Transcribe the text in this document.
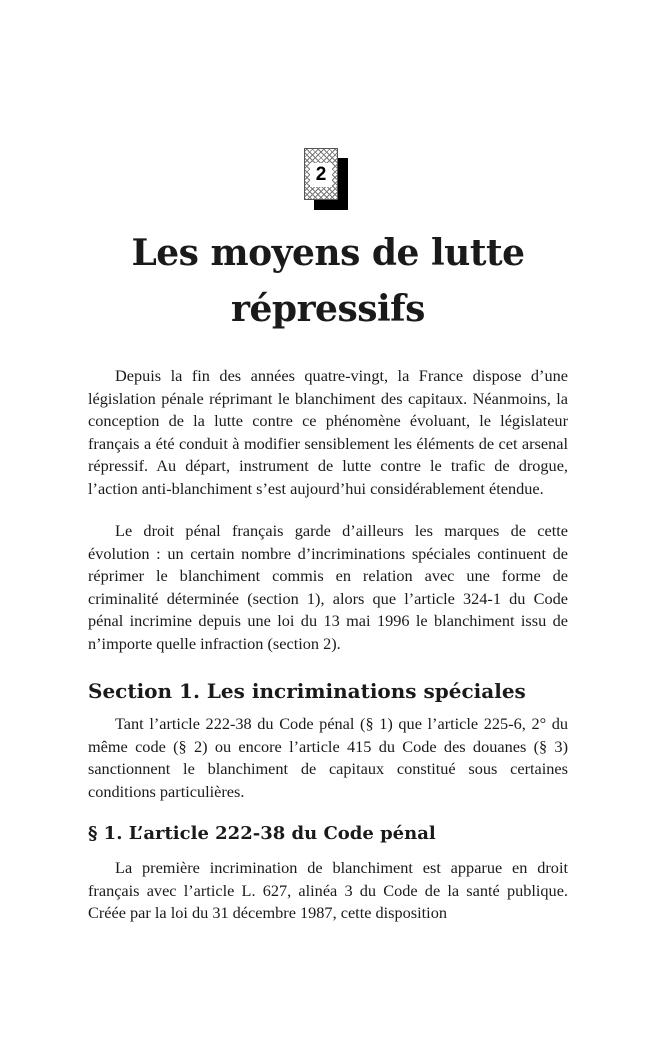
2
Les moyens de lutte
répressifs

Depuis la fin des années quatre-vingt, la France dispose d’une législation pénale réprimant le blanchiment des capitaux. Néanmoins, la conception de la lutte contre ce phénomène évoluant, le législateur français a été conduit à modifier sensiblement les éléments de cet arsenal répressif. Au départ, instrument de lutte contre le trafic de drogue, l’action anti-blanchiment s’est aujourd’hui considérablement étendue.

Le droit pénal français garde d’ailleurs les marques de cette évolution : un certain nombre d’incriminations spéciales continuent de réprimer le blanchiment commis en relation avec une forme de criminalité déterminée (section 1), alors que l’article 324-1 du Code pénal incrimine depuis une loi du 13 mai 1996 le blanchiment issu de n’importe quelle infraction (section 2).

Section 1. Les incriminations spéciales

Tant l’article 222-38 du Code pénal (§ 1) que l’article 225-6, 2° du même code (§ 2) ou encore l’article 415 du Code des douanes (§ 3) sanctionnent le blanchiment de capitaux constitué sous certaines conditions particulières.

§ 1. L’article 222-38 du Code pénal

La première incrimination de blanchiment est apparue en droit français avec l’article L. 627, alinéa 3 du Code de la santé publique. Créée par la loi du 31 décembre 1987, cette disposition
